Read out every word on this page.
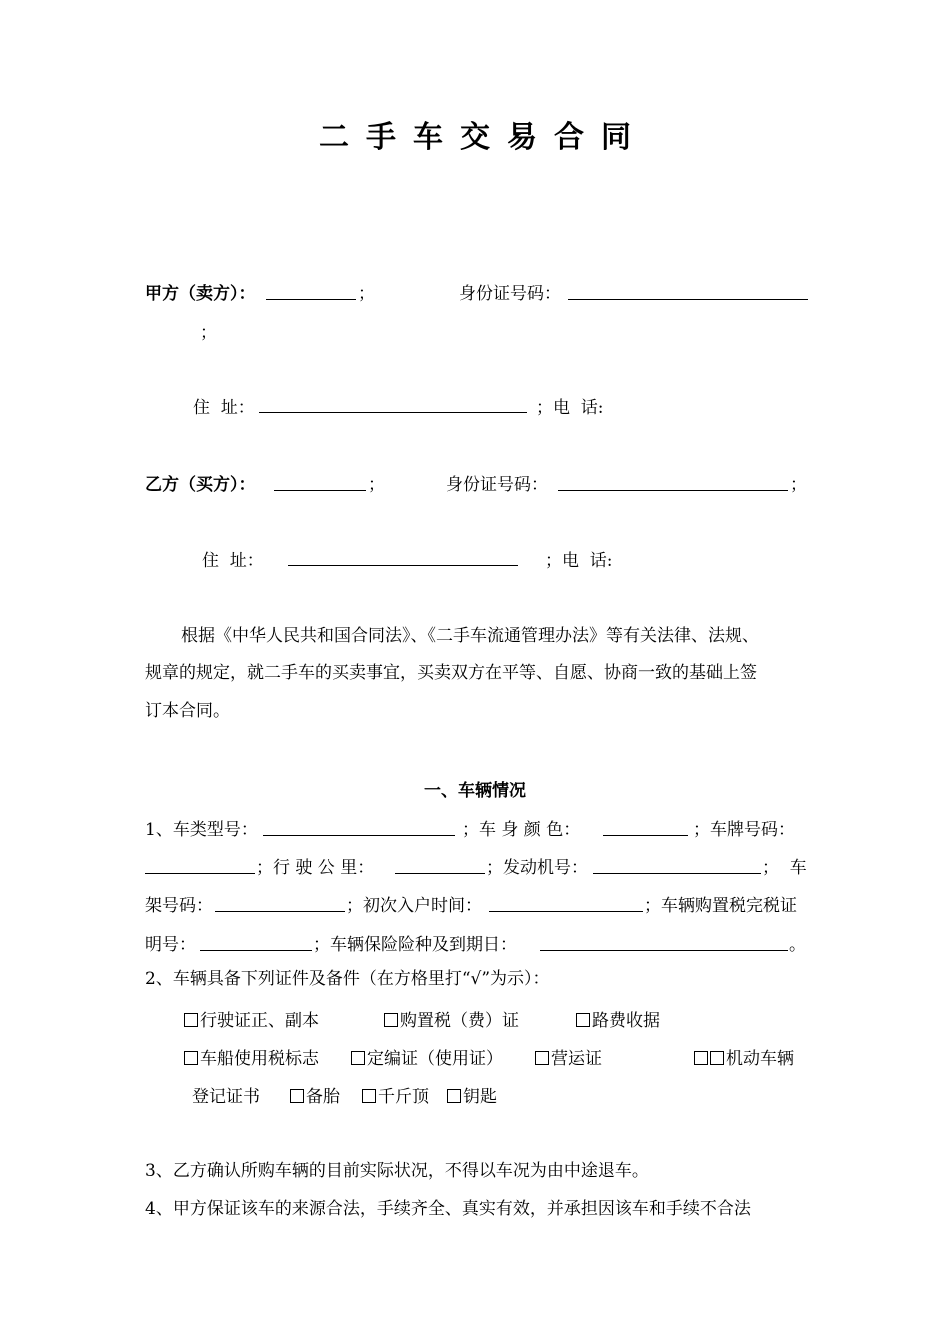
二手车交易合同
甲方（卖方）：	；	身份证号码：
；
住  址：	；电  话:
乙方（买方）：	；	身份证号码：	；
住  址：	；电  话:
根据《中华人民共和国合同法》、《二手车流通管理办法》等有关法律、法规、
规章的规定，就二手车的买卖事宜，买卖双方在平等、自愿、协商一致的基础上签
订本合同。
一、车辆情况
1、车类型号：	；车 身 颜 色：	；车牌号码：
；行 驶 公 里：	；发动机号：	；  车
架号码：	；初次入户时间：	；车辆购置税完税证
明号：	；车辆保险险种及到期日：	。
2、车辆具备下列证件及备件（在方格里打“√”为示）：
行驶证正、副本	购置税（费）证	路费收据
车船使用税标志	定编证（使用证）	营运证	机动车辆
登记证书	备胎	千斤顶	钥匙
3、乙方确认所购车辆的目前实际状况，不得以车况为由中途退车。
4、甲方保证该车的来源合法，手续齐全、真实有效，并承担因该车和手续不合法
